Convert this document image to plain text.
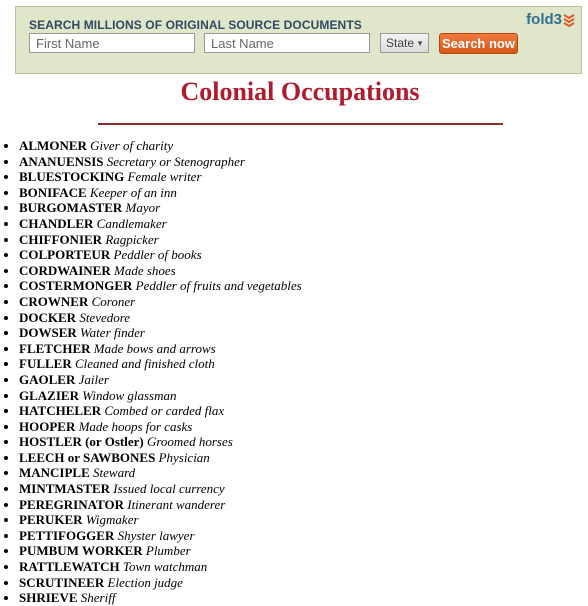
SEARCH MILLIONS OF ORIGINAL SOURCE DOCUMENTS	fold3
First Name
Last Name
State ▼ Search now
Colonial Occupations
• ALMONER Giver of charity
• ANANUENSIS Secretary or Stenographer
• BLUESTOCKING Female writer
• BONIFACE Keeper of an inn
• BURGOMASTER Mayor
• CHANDLER Candlemaker
• CHIFFONIER Ragpicker
• COLPORTEUR Peddler of books
• CORDWAINER Made shoes
• COSTERMONGER Peddler of fruits and vegetables
• CROWNER Coroner
• DOCKER Stevedore
• DOWSER Water finder
• FLETCHER Made bows and arrows
• FULLER Cleaned and finished cloth
• GAOLER Jailer
• GLAZIER Window glassman
• HATCHELER Combed or carded flax
• HOOPER Made hoops for casks
• HOSTLER (or Ostler) Groomed horses
• LEECH or SAWBONES Physician
• MANCIPLE Steward
• MINTMASTER Issued local currency
• PEREGRINATOR Itinerant wanderer
• PERUKER Wigmaker
• PETTIFOGGER Shyster lawyer
• PUMBUM WORKER Plumber
• RATTLEWATCH Town watchman
• SCRUTINEER Election judge
• SHRIEVE Sheriff
